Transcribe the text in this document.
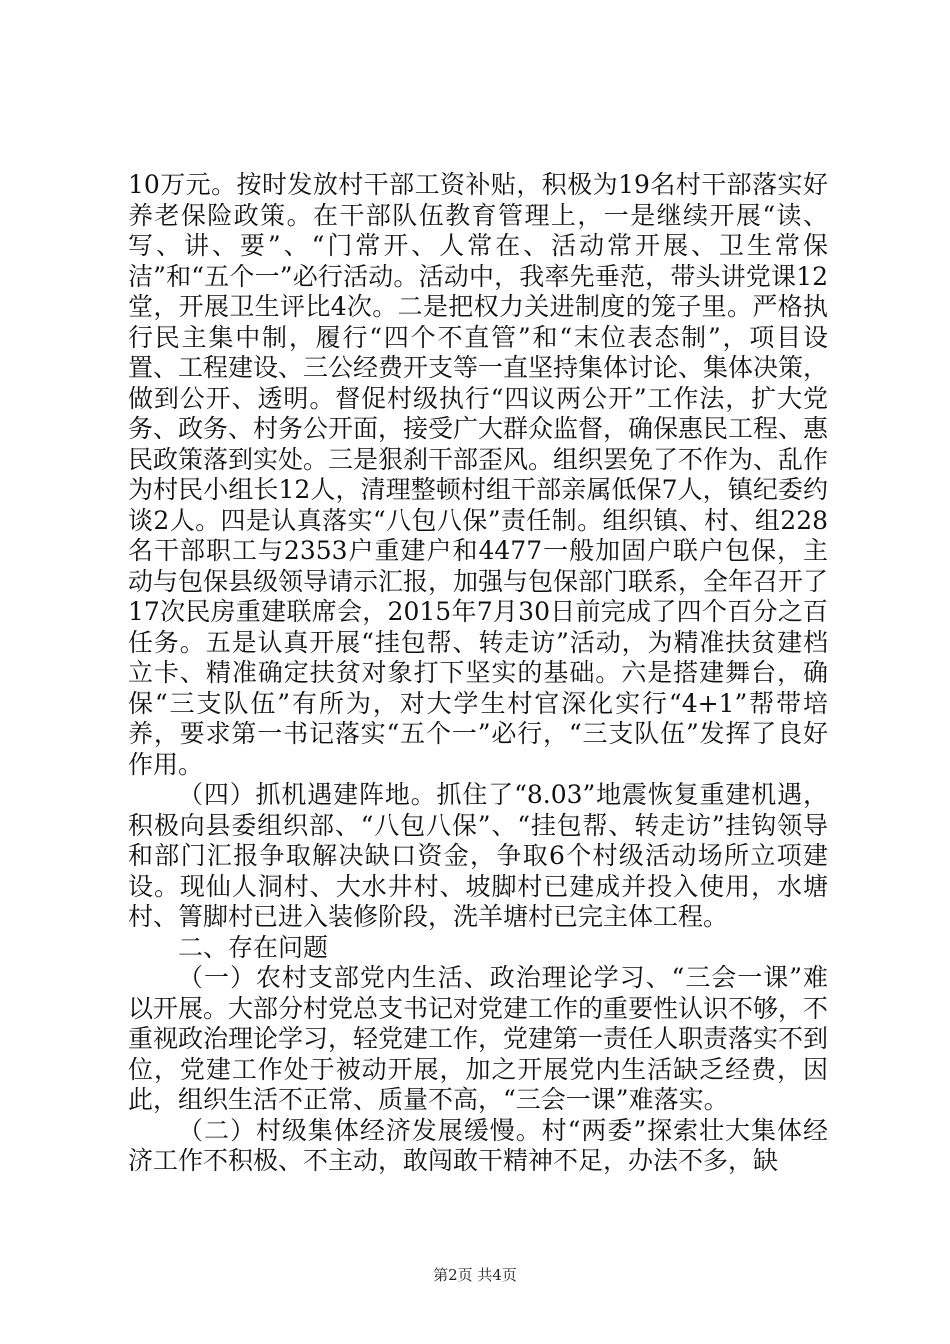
10万元。按时发放村干部工资补贴，积极为19名村干部落实好养老保险政策。在干部队伍教育管理上，一是继续开展“读、写、讲、要”、“门常开、人常在、活动常开展、卫生常保洁”和“五个一”必行活动。活动中，我率先垂范，带头讲党课12堂，开展卫生评比4次。二是把权力关进制度的笼子里。严格执行民主集中制，履行“四个不直管”和“末位表态制”，项目设置、工程建设、三公经费开支等一直坚持集体讨论、集体决策，做到公开、透明。督促村级执行“四议两公开”工作法，扩大党务、政务、村务公开面，接受广大群众监督，确保惠民工程、惠民政策落到实处。三是狠刹干部歪风。组织罢免了不作为、乱作为村民小组长12人，清理整顿村组干部亲属低保7人，镇纪委约谈2人。四是认真落实“八包八保”责任制。组织镇、村、组228名干部职工与2353户重建户和4477一般加固户联户包保，主动与包保县级领导请示汇报，加强与包保部门联系，全年召开了17次民房重建联席会，2015年7月30日前完成了四个百分之百任务。五是认真开展“挂包帮、转走访”活动，为精准扶贫建档立卡、精准确定扶贫对象打下坚实的基础。六是搭建舞台，确保“三支队伍”有所为，对大学生村官深化实行“4+1”帮带培养，要求第一书记落实“五个一”必行，“三支队伍”发挥了良好作用。

（四）抓机遇建阵地。抓住了“8.03”地震恢复重建机遇，积极向县委组织部、“八包八保”、“挂包帮、转走访”挂钩领导和部门汇报争取解决缺口资金，争取6个村级活动场所立项建设。现仙人洞村、大水井村、坡脚村已建成并投入使用，水塘村、箐脚村已进入装修阶段，洗羊塘村已完主体工程。

二、存在问题

（一）农村支部党内生活、政治理论学习、“三会一课”难以开展。大部分村党总支书记对党建工作的重要性认识不够，不重视政治理论学习，轻党建工作，党建第一责任人职责落实不到位，党建工作处于被动开展，加之开展党内生活缺乏经费，因此，组织生活不正常、质量不高，“三会一课”难落实。

（二）村级集体经济发展缓慢。村“两委”探索壮大集体经济工作不积极、不主动，敢闯敢干精神不足，办法不多，缺

第2页 共4页
